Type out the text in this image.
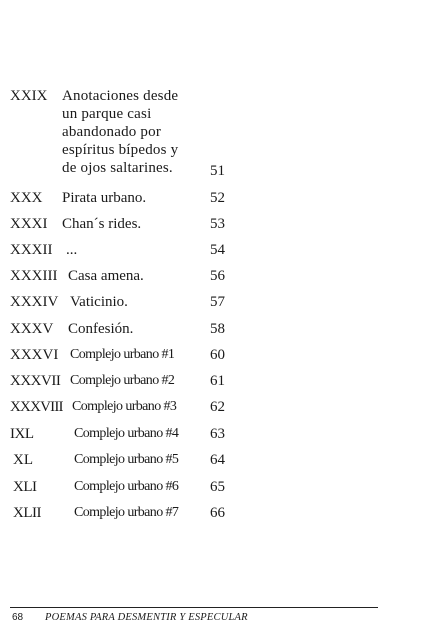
XXIX Anotaciones desde
un parque casi
abandonado por
espíritus bípedos y
de ojos saltarines.	51
XXX Pirata urbano.	52
XXXI Chan´s rides.	53
XXXII ...	54
XXXIII Casa amena.	56
XXXIV Vaticinio.	57
XXXV Confesión.	58
XXXVI Complejo urbano #1 60
XXXVII Complejo urbano #2 61
XXXVIII Complejo urbano #3 62
IXL	Complejo urbano #4 63
XL	Complejo urbano #5 64
XLI	Complejo urbano #6 65
XLII Complejo urbano #7 66
68 POEMAS PARA DESMENTIR Y ESPECULAR
